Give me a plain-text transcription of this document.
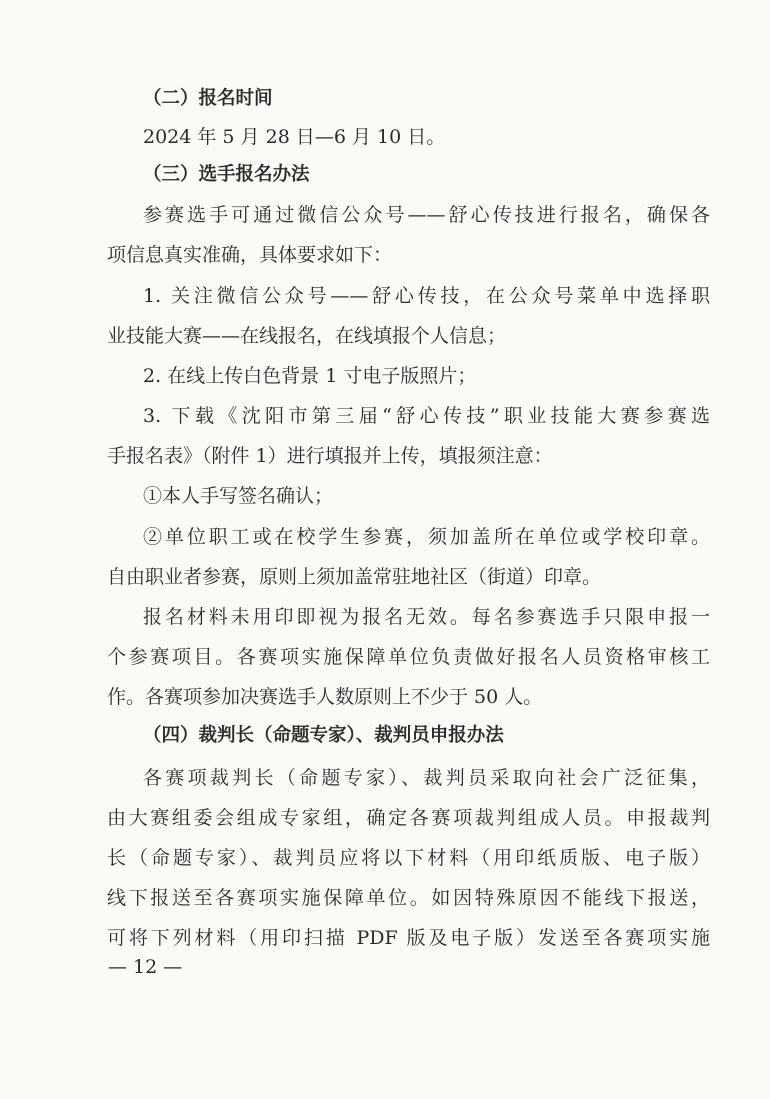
（二）报名时间
2024 年 5 月 28 日—6 月 10 日。
（三）选手报名办法
参赛选手可通过微信公众号——舒心传技进行报名，确保各
项信息真实准确，具体要求如下：
1. 关注微信公众号——舒心传技，在公众号菜单中选择职
业技能大赛——在线报名，在线填报个人信息；
2. 在线上传白色背景 1 寸电子版照片；
3. 下载《沈阳市第三届“舒心传技”职业技能大赛参赛选
手报名表》（附件 1）进行填报并上传，填报须注意：
①本人手写签名确认；
②单位职工或在校学生参赛，须加盖所在单位或学校印章。
自由职业者参赛，原则上须加盖常驻地社区（街道）印章。
报名材料未用印即视为报名无效。每名参赛选手只限申报一
个参赛项目。各赛项实施保障单位负责做好报名人员资格审核工
作。各赛项参加决赛选手人数原则上不少于 50 人。
（四）裁判长（命题专家）、裁判员申报办法
各赛项裁判长（命题专家）、裁判员采取向社会广泛征集，
由大赛组委会组成专家组，确定各赛项裁判组成人员。申报裁判
长（命题专家）、裁判员应将以下材料（用印纸质版、电子版）
线下报送至各赛项实施保障单位。如因特殊原因不能线下报送，
可将下列材料（用印扫描 PDF 版及电子版）发送至各赛项实施
— 12 —
